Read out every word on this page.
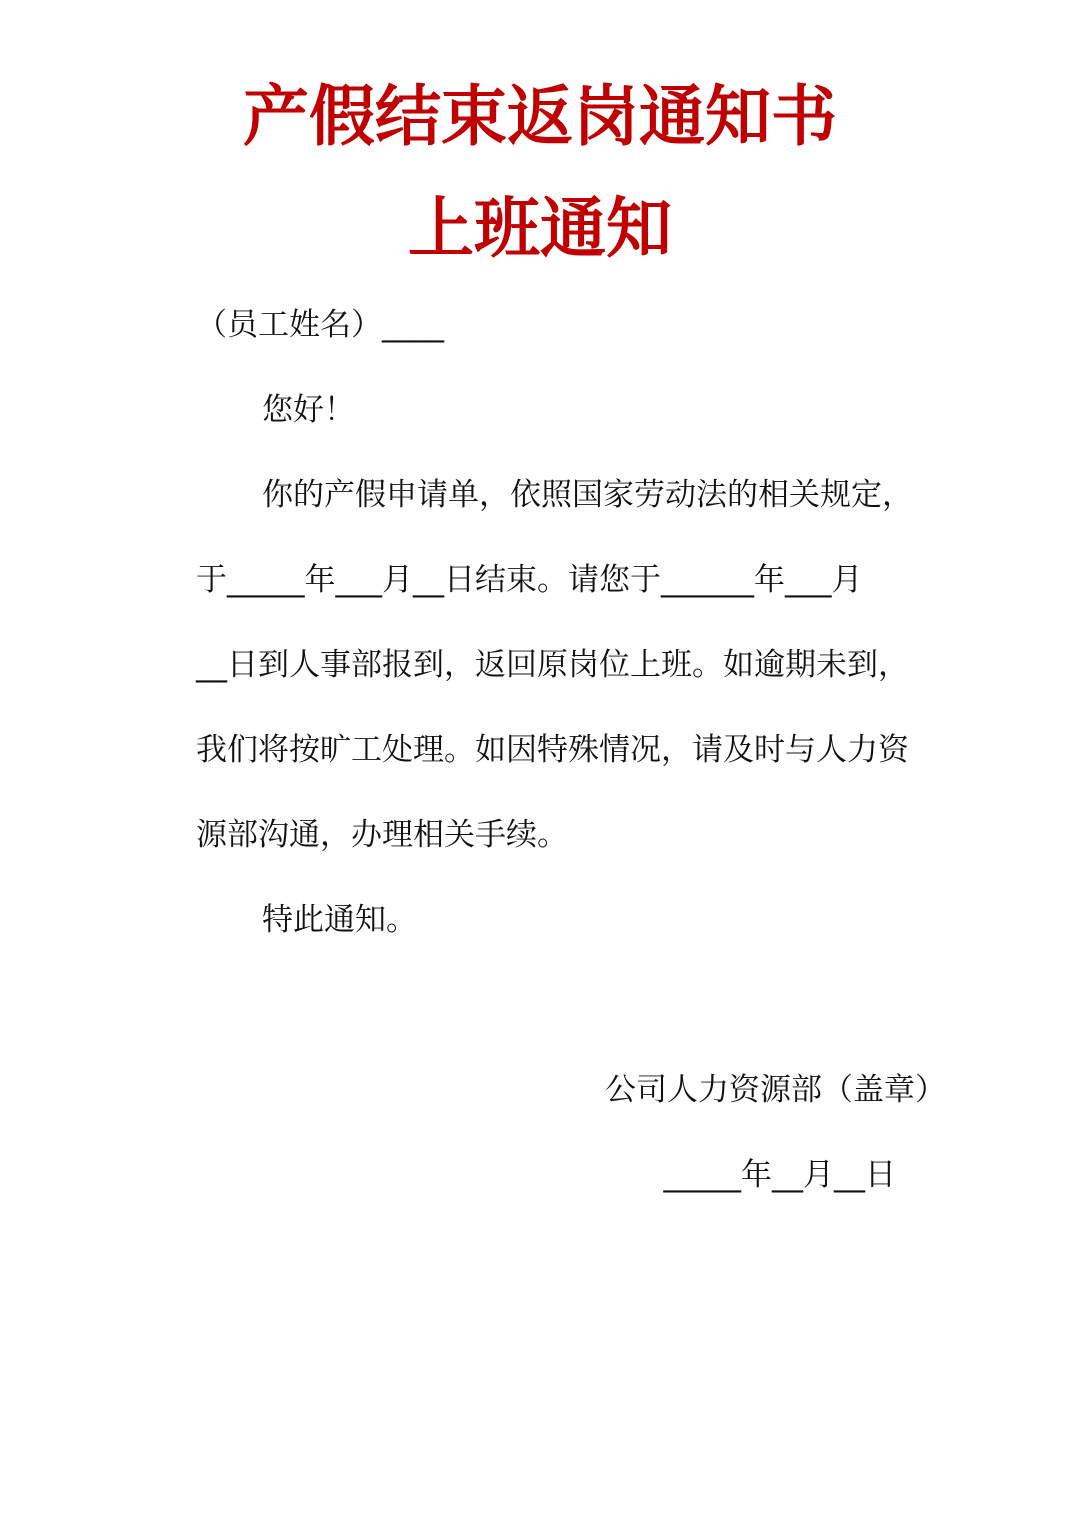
产假结束返岗通知书
上班通知
（员工姓名）____
您好！
你的产假申请单，依照国家劳动法的相关规定，
于_____年___月__日结束。请您于______年___月
__日到人事部报到，返回原岗位上班。如逾期未到，
我们将按旷工处理。如因特殊情况，请及时与人力资
源部沟通，办理相关手续。
特此通知。
公司人力资源部（盖章）
_____年__月__日
